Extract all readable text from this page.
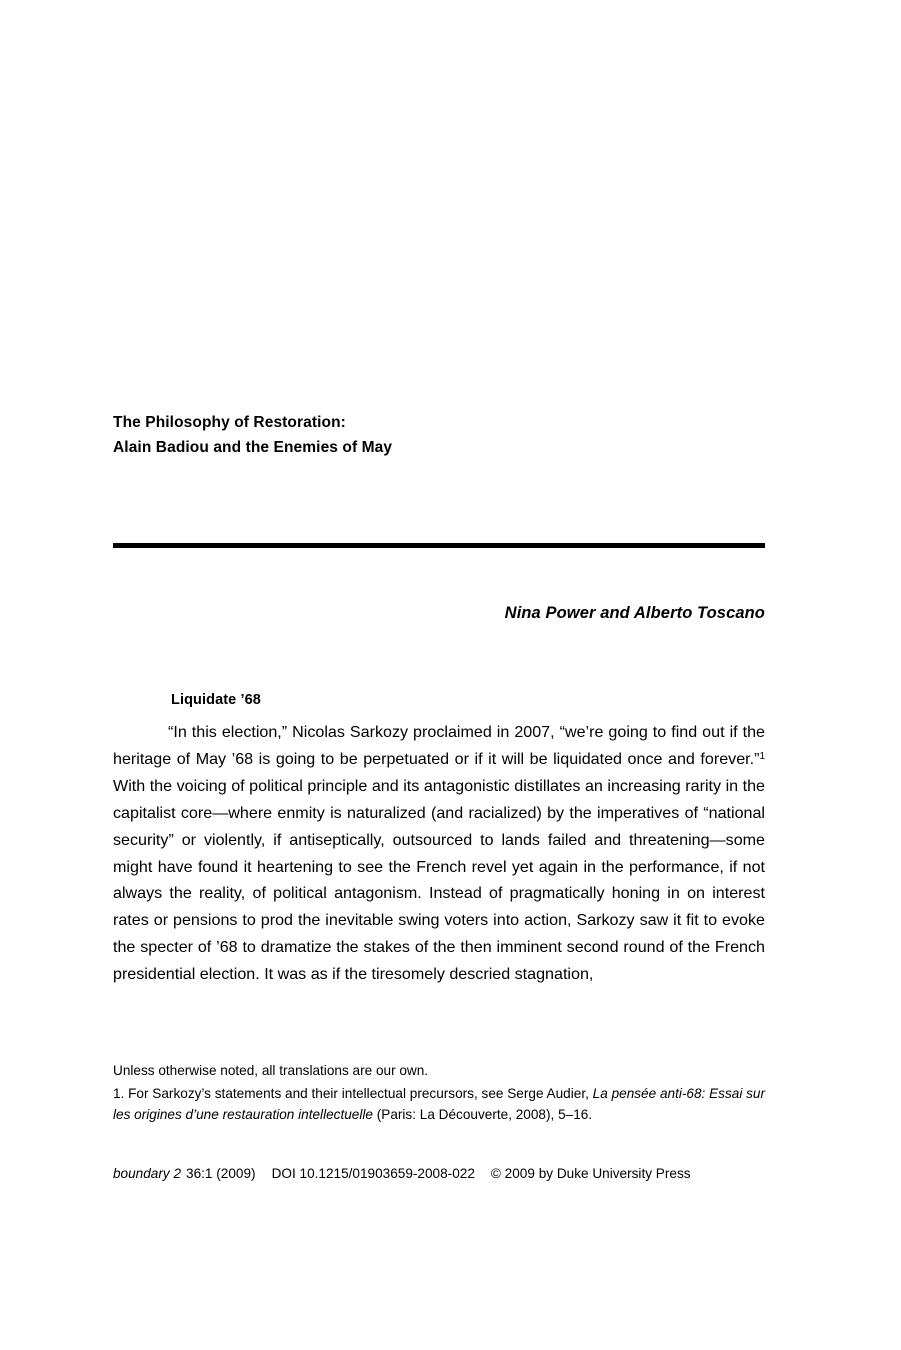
The Philosophy of Restoration:
Alain Badiou and the Enemies of May
Nina Power and Alberto Toscano
Liquidate ’68

“In this election,” Nicolas Sarkozy proclaimed in 2007, “we’re going to find out if the heritage of May ’68 is going to be perpetuated or if it will be liquidated once and forever.”$^1$ With the voicing of political principle and its antagonistic distillates an increasing rarity in the capitalist core—where enmity is naturalized (and racialized) by the imperatives of “national security” or violently, if antiseptically, outsourced to lands failed and threatening—some might have found it heartening to see the French revel yet again in the performance, if not always the reality, of political antagonism. Instead of pragmatically honing in on interest rates or pensions to prod the inevitable swing voters into action, Sarkozy saw it fit to evoke the specter of ’68 to dramatize the stakes of the then imminent second round of the French presidential election. It was as if the tiresomely descried stagnation,

Unless otherwise noted, all translations are our own.

1. For Sarkozy’s statements and their intellectual precursors, see Serge Audier, La pensée anti-68: Essai sur les origines d’une restauration intellectuelle (Paris: La Découverte, 2008), 5–16.

boundary 2 36:1 (2009) DOI 10.1215/01903659-2008-022 © 2009 by Duke University Press
